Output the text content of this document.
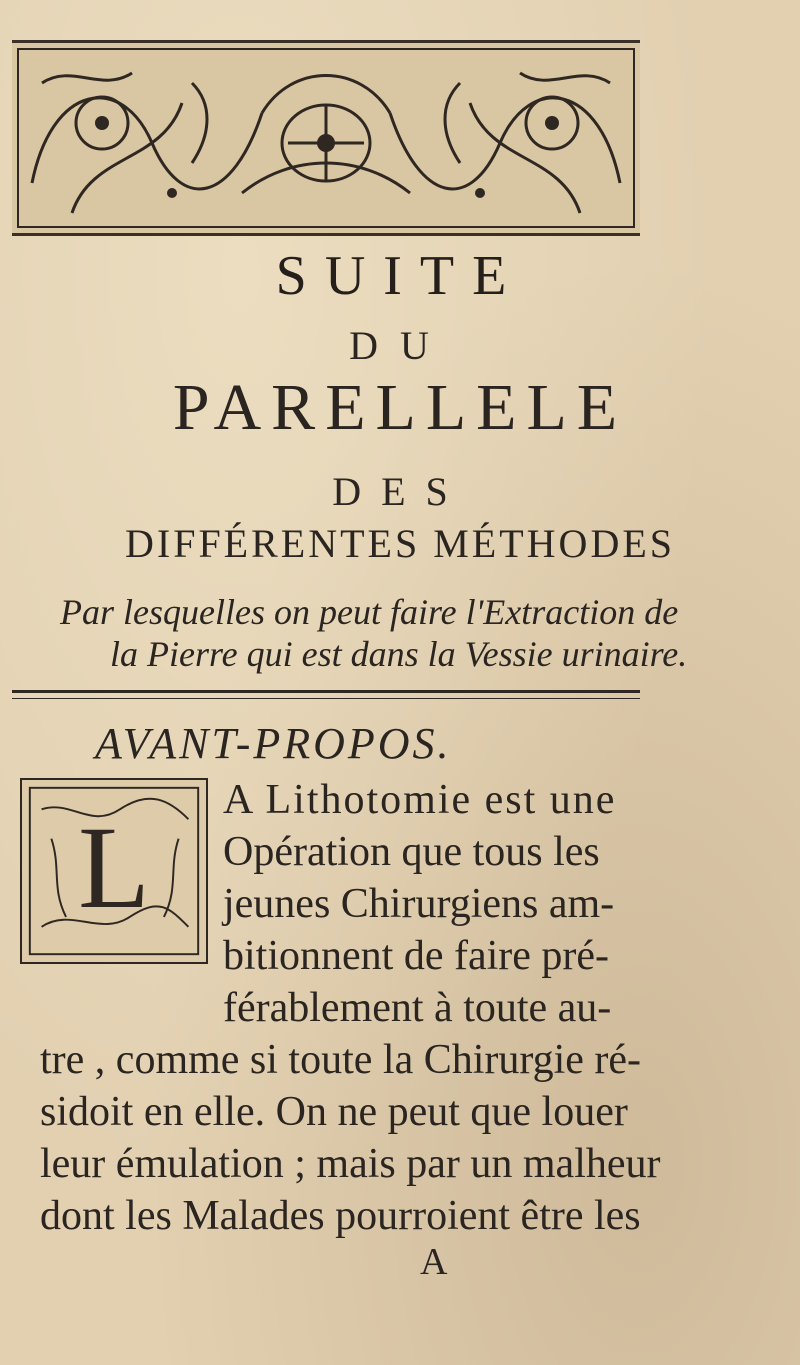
SUITE
DU
PARELLELE
DES
DIFFÉRENTES MÉTHODES
Par lesquelles on peut faire l'Extraction de
la Pierre qui est dans la Vessie urinaire.
AVANT-PROPOS.
L
A Lithotomie est une
Opération que tous les
jeunes Chirurgiens am-
bitionnent de faire pré-
férablement à toute au-
tre , comme si toute la Chirurgie ré-
sidoit en elle. On ne peut que louer
leur émulation ; mais par un malheur
dont les Malades pourroient être les
A
